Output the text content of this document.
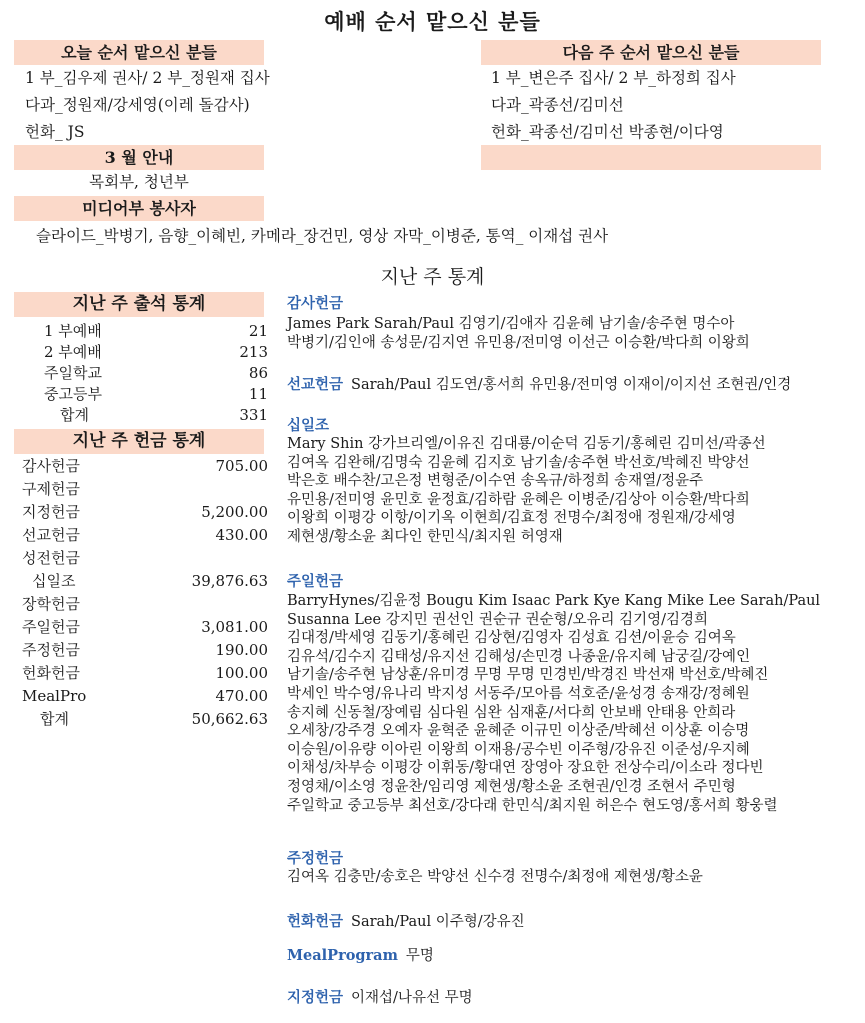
예배 순서 맡으신 분들
오늘 순서 맡으신 분들
1 부_김우제 권사/ 2 부_정원재 집사
다과_정원재/강세영(이레 돌감사)
헌화_ JS
다음 주 순서 맡으신 분들
1 부_변은주 집사/ 2 부_하정희 집사
다과_곽종선/김미선
헌화_곽종선/김미선 박종현/이다영
3 월 안내
목회부, 청년부
미디어부 봉사자
슬라이드_박병기, 음향_이혜빈, 카메라_장건민, 영상 자막_이병준, 통역_ 이재섭 권사
지난 주 통계
지난 주 출석 통계
1 부예배	21
2 부예배	213
주일학교	86
중고등부	11
합계	331
지난 주 헌금 통계
감사헌금	705.00
구제헌금
지정헌금	5,200.00
선교헌금	430.00
성전헌금
십일조	39,876.63
장학헌금
주일헌금	3,081.00
주정헌금	190.00
헌화헌금	100.00
MealPro	470.00
합계	50,662.63
감사헌금
James Park Sarah/Paul 김영기/김애자 김윤혜 남기솔/송주현 명수아
박병기/김인애 송성문/김지연 유민용/전미영 이선근 이승환/박다희 이왕희
선교헌금 Sarah/Paul 김도연/홍서희 유민용/전미영 이재이/이지선 조현권/인경
십일조
Mary Shin 강가브리엘/이유진 김대룡/이순덕 김동기/홍혜린 김미선/곽종선
김여옥 김완해/김명숙 김윤혜 김지호 남기솔/송주현 박선호/박혜진 박양선
박은호 배수찬/고은정 변형준/이수연 송옥규/하정희 송재열/정윤주
유민용/전미영 윤민호 윤정효/김하람 윤혜은 이병준/김상아 이승환/박다희
이왕희 이평강 이항/이기옥 이현희/김효정 전명수/최정애 정원재/강세영
제현생/황소윤 최다인 한민식/최지원 허영재
주일헌금
BarryHynes/김윤정 Bougu Kim Isaac Park Kye Kang Mike Lee Sarah/Paul
Susanna Lee 강지민 권선인 권순규 권순형/오유리 김기영/김경희
김대정/박세영 김동기/홍혜린 김상현/김영자 김성효 김션/이윤승 김여옥
김유석/김수지 김태성/유지선 김해성/손민경 나종윤/유지혜 남궁길/강예인
남기솔/송주현 남상훈/유미경 무명 무명 민경빈/박경진 박선재 박선호/박혜진
박세인 박수영/유나리 박지성 서동주/모아름 석호준/윤성경 송재강/정혜원
송지혜 신동철/장예림 심다원 심완 심재훈/서다희 안보배 안태용 안희라
오세창/강주경 오예자 윤혁준 윤혜준 이규민 이상준/박혜선 이상훈 이승명
이승원/이유량 이아린 이왕희 이재용/공수빈 이주형/강유진 이준성/우지혜
이채성/차부승 이평강 이휘동/황대연 장영아 장요한 전상수리/이소라 정다빈
정영채/이소영 정윤찬/임리영 제현생/황소윤 조현권/인경 조현서 주민형
주일학교 중고등부 최선호/강다래 한민식/최지원 허은수 현도영/홍서희 황웅렬
주정헌금
김여옥 김충만/송호은 박양선 신수경 전명수/최정애 제현생/황소윤
헌화헌금 Sarah/Paul 이주형/강유진
MealProgram 무명
지정헌금 이재섭/나유선 무명
